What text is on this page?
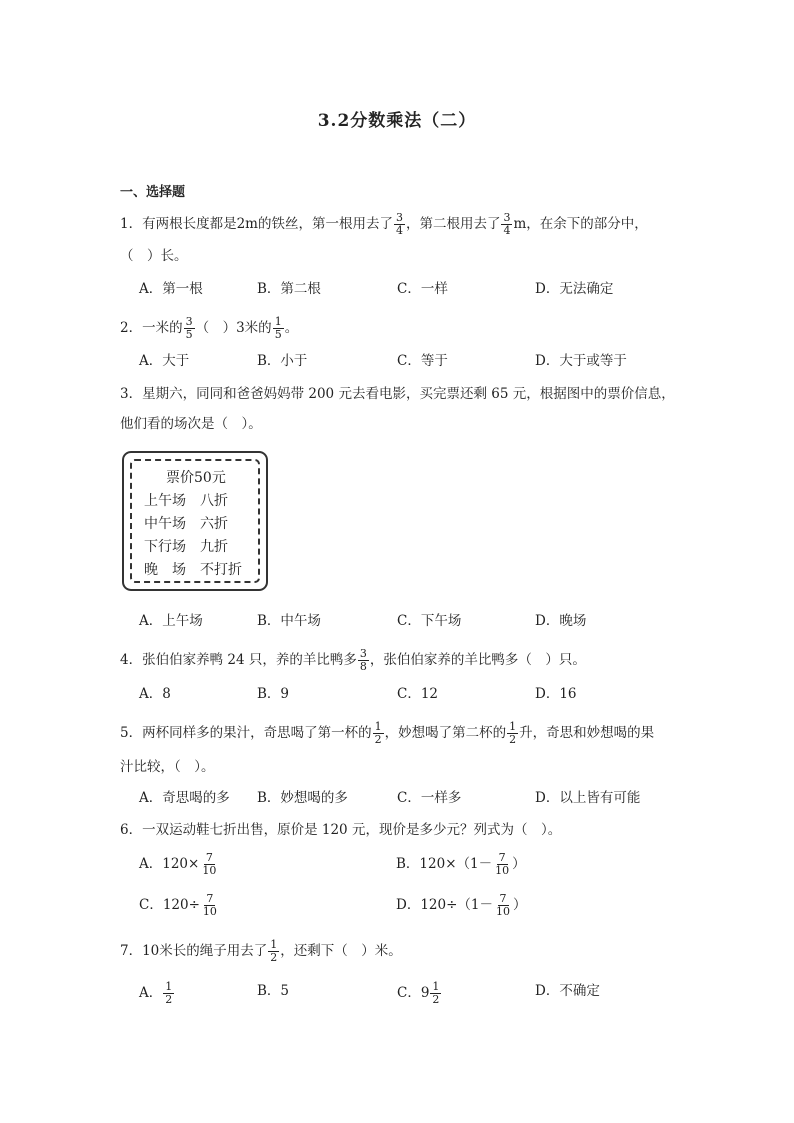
3.2分数乘法（二）
一、选择题
1．有两根长度都是2m的铁丝，第一根用去了 $\frac{3}{4}$ ，第二根用去了 $\frac{3}{4}$ m，在余下的部分中，
（　）长。
A．第一根	B．第二根	C．一样	D．无法确定
2．一米的 $\frac{3}{5}$ （　）3米的 $\frac{1}{5}$ 。
A．大于	B．小于	C．等于	D．大于或等于
3．星期六，同同和爸爸妈妈带 200 元去看电影，买完票还剩 65 元，根据图中的票价信息，
他们看的场次是（　）。
票价50元
上午场　八折
中午场　六折
下行场　九折
晚　场　不打折
A．上午场	B．中午场	C．下午场	D．晚场
4．张伯伯家养鸭 24 只，养的羊比鸭多 $\frac{3}{8}$ ，张伯伯家养的羊比鸭多（　）只。
A．8	B．9	C．12	D．16
5．两杯同样多的果汁，奇思喝了第一杯的 $\frac{1}{2}$ ，妙想喝了第二杯的 $\frac{1}{2}$ 升，奇思和妙想喝的果
汁比较，（　）。
A．奇思喝的多 B．妙想喝的多	C．一样多	D．以上皆有可能
6．一双运动鞋七折出售，原价是 120 元，现价是多少元？列式为（　）。
A．$120\times \frac{7}{10}$	B．$120\times(1- \frac{7}{10}$ ）
C．$120\div \frac{7}{10}$	D．$120\div(1- \frac{7}{10}$ ）
7．10米长的绳子用去了 $\frac{1}{2}$ ，还剩下（　）米。
A． $\frac{1}{2}$	B．5	C．$9 \frac{1}{2}$	D．不确定
